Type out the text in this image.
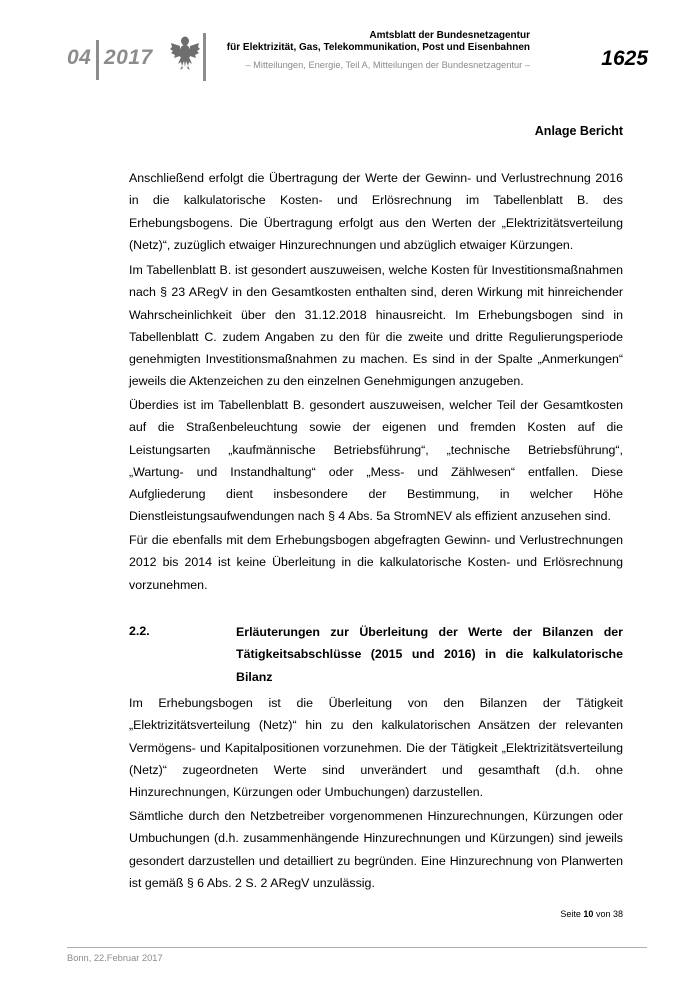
04 2017
Amtsblatt der Bundesnetzagentur
für Elektrizität, Gas, Telekommunikation, Post und Eisenbahnen
– Mitteilungen, Energie, Teil A, Mitteilungen der Bundesnetzagentur –	1625
Anlage Bericht
Anschließend erfolgt die Übertragung der Werte der Gewinn- und Verlustrechnung 2016 in die kalkulatorische Kosten- und Erlösrechnung im Tabellenblatt B. des Erhebungsbogens. Die Übertragung erfolgt aus den Werten der „Elektrizitätsverteilung (Netz)“, zuzüglich etwaiger Hinzurechnungen und abzüglich etwaiger Kürzungen.
Im Tabellenblatt B. ist gesondert auszuweisen, welche Kosten für Investitionsmaßnahmen nach § 23 ARegV in den Gesamtkosten enthalten sind, deren Wirkung mit hinreichender Wahrscheinlichkeit über den 31.12.2018 hinausreicht. Im Erhebungsbogen sind in Tabellenblatt C. zudem Angaben zu den für die zweite und dritte Regulierungsperiode genehmigten Investitionsmaßnahmen zu machen. Es sind in der Spalte „Anmerkungen“ jeweils die Aktenzeichen zu den einzelnen Genehmigungen anzugeben.
Überdies ist im Tabellenblatt B. gesondert auszuweisen, welcher Teil der Gesamtkosten auf die Straßenbeleuchtung sowie der eigenen und fremden Kosten auf die Leistungsarten „kaufmännische Betriebsführung“, „technische Betriebsführung“, „Wartung- und Instandhaltung“ oder „Mess- und Zählwesen“ entfallen. Diese Aufgliederung dient insbesondere der Bestimmung, in welcher Höhe Dienstleistungsaufwendungen nach § 4 Abs. 5a StromNEV als effizient anzusehen sind.
Für die ebenfalls mit dem Erhebungsbogen abgefragten Gewinn- und Verlustrechnungen 2012 bis 2014 ist keine Überleitung in die kalkulatorische Kosten- und Erlösrechnung vorzunehmen.
2.2.	Erläuterungen zur Überleitung der Werte der Bilanzen der Tätigkeitsabschlüsse (2015 und 2016) in die kalkulatorische Bilanz
Im Erhebungsbogen ist die Überleitung von den Bilanzen der Tätigkeit „Elektrizitätsverteilung (Netz)“ hin zu den kalkulatorischen Ansätzen der relevanten Vermögens- und Kapitalpositionen vorzunehmen. Die der Tätigkeit „Elektrizitätsverteilung (Netz)“ zugeordneten Werte sind unverändert und gesamthaft (d.h. ohne Hinzurechnungen, Kürzungen oder Umbuchungen) darzustellen.
Sämtliche durch den Netzbetreiber vorgenommenen Hinzurechnungen, Kürzungen oder Umbuchungen (d.h. zusammenhängende Hinzurechnungen und Kürzungen) sind jeweils gesondert darzustellen und detailliert zu begründen. Eine Hinzurechnung von Planwerten ist gemäß § 6 Abs. 2 S. 2 ARegV unzulässig.
Seite 10 von 38
Bonn, 22.Februar 2017
